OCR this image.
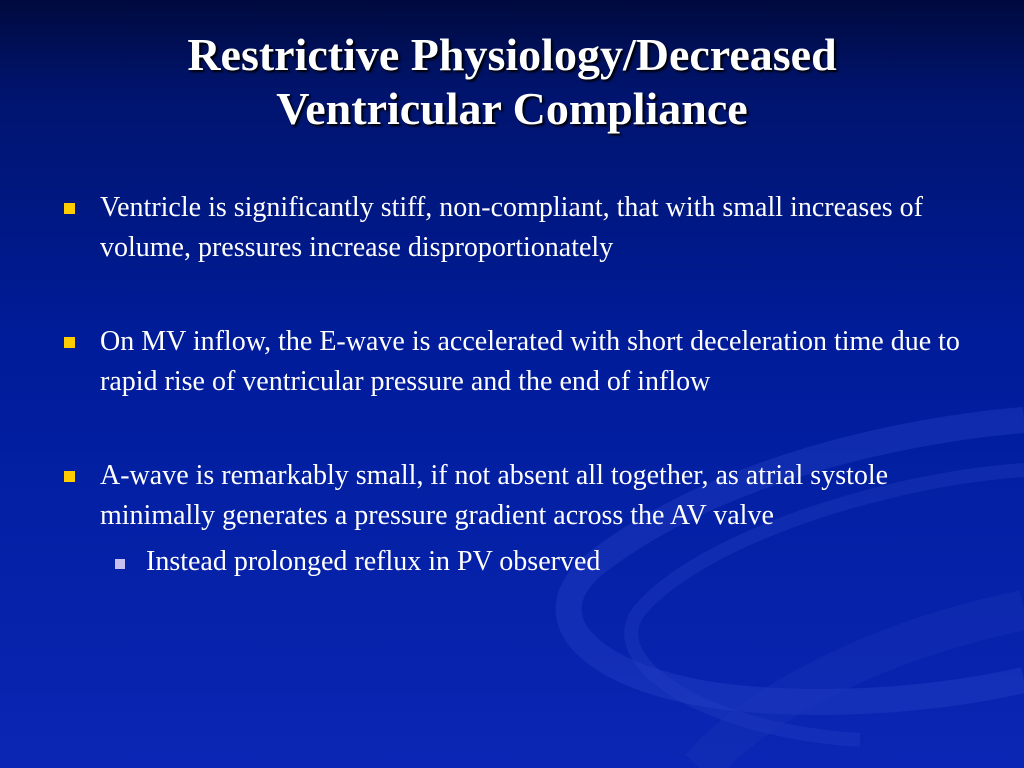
Restrictive Physiology/Decreased
Ventricular Compliance
Ventricle is significantly stiff, non-compliant, that with small increases of volume, pressures increase disproportionately
On MV inflow, the E-wave is accelerated with short deceleration time due to rapid rise of ventricular pressure and the end of inflow
A-wave is remarkably small, if not absent all together, as atrial systole minimally generates a pressure gradient across the AV valve
Instead prolonged reflux in PV observed
